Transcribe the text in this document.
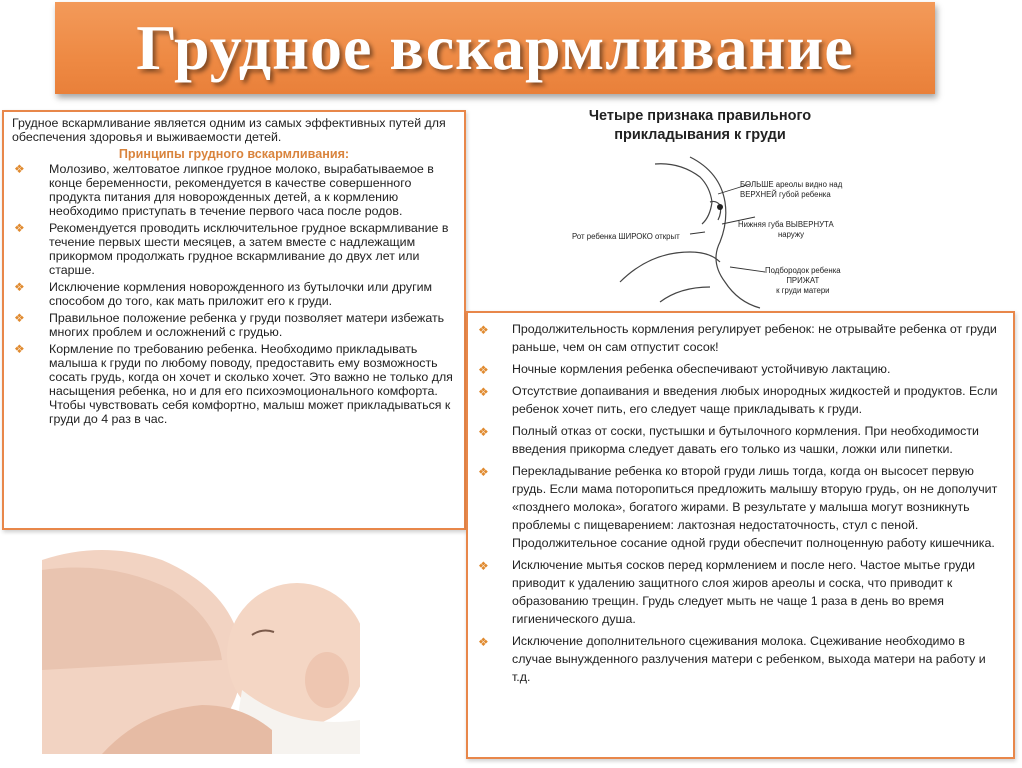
Грудное вскармливание
Грудное вскармливание является одним из самых эффективных путей для обеспечения здоровья и выживаемости детей.
Принципы грудного вскармливания:
❖ Молозиво, желтоватое липкое грудное молоко, вырабатываемое в конце беременности, рекомендуется в качестве совершенного продукта питания для новорожденных детей, а к кормлению необходимо приступать в течение первого часа после родов.
❖ Рекомендуется проводить исключительное грудное вскармливание в течение первых шести месяцев, а затем вместе с надлежащим прикормом продолжать грудное вскармливание до двух лет или старше.
❖ Исключение кормления новорожденного из бутылочки или другим способом до того, как мать приложит его к груди.
❖ Правильное положение ребенка у груди позволяет матери избежать многих проблем и осложнений с грудью.
❖ Кормление по требованию ребенка. Необходимо прикладывать малыша к груди по любому поводу, предоставить ему возможность сосать грудь, когда он хочет и сколько хочет. Это важно не только для насыщения ребенка, но и для его психоэмоционального комфорта. Чтобы чувствовать себя комфортно, малыш может прикладываться к груди до 4 раз в час.
Четыре признака правильного
прикладывания к груди
БОЛЬШЕ ареолы видно над
ВЕРХНЕЙ губой ребенка
Нижняя губа ВЫВЕРНУТА
наружу
Рот ребенка ШИРОКО открыт
Подбородок ребенка
ПРИЖАТ
к груди матери
❖ Продолжительность кормления регулирует ребенок: не отрывайте ребенка от груди раньше, чем он сам отпустит сосок!
❖ Ночные кормления ребенка обеспечивают устойчивую лактацию.
❖ Отсутствие допаивания и введения любых инородных жидкостей и продуктов. Если ребенок хочет пить, его следует чаще прикладывать к груди.
❖ Полный отказ от соски, пустышки и бутылочного кормления. При необходимости введения прикорма следует давать его только из чашки, ложки или пипетки.
❖ Перекладывание ребенка ко второй груди лишь тогда, когда он высосет первую грудь. Если мама поторопиться предложить малышу вторую грудь, он не дополучит «позднего молока», богатого жирами. В результате у малыша могут возникнуть проблемы с пищеварением: лактозная недостаточность, стул с пеной. Продолжительное сосание одной груди обеспечит полноценную работу кишечника.
❖ Исключение мытья сосков перед кормлением и после него. Частое мытье груди приводит к удалению защитного слоя жиров ареолы и соска, что приводит к образованию трещин. Грудь следует мыть не чаще 1 раза в день во время гигиенического душа.
❖ Исключение дополнительного сцеживания молока. Сцеживание необходимо в случае вынужденного разлучения матери с ребенком, выхода матери на работу и т.д.
